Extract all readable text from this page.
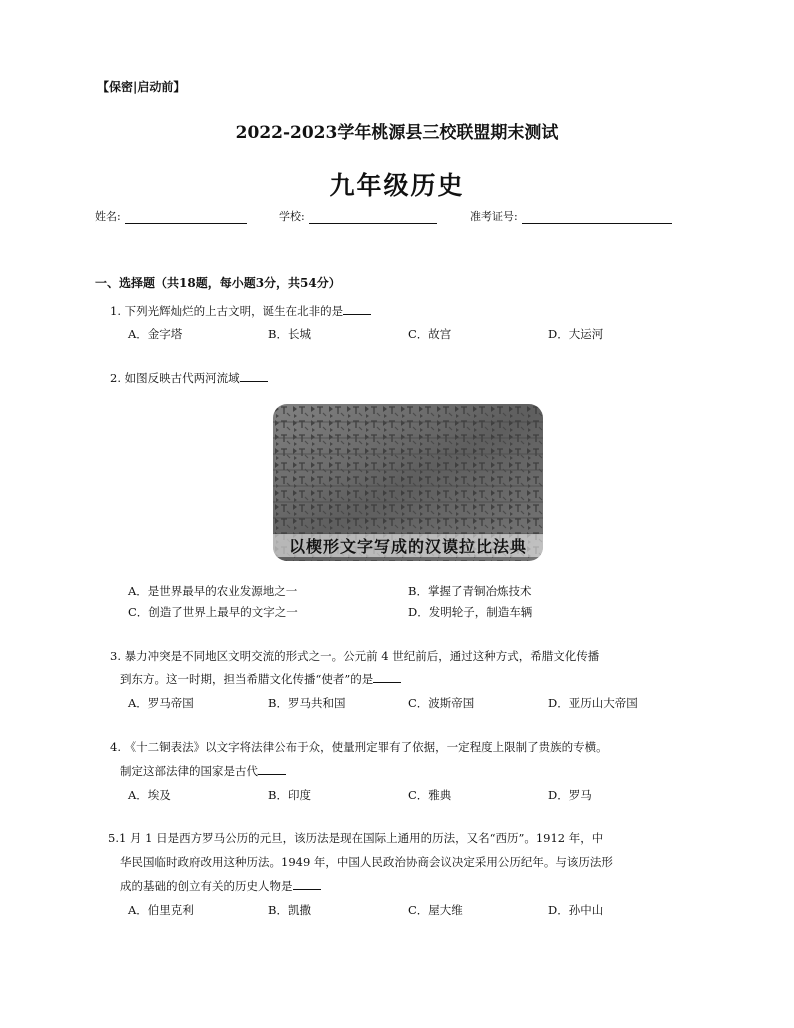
【保密|启动前】
2022-2023学年桃源县三校联盟期末测试
九年级历史
姓名:	学校:	准考证号:
一、选择题（共18题，每小题3分，共54分）
1. 下列光辉灿烂的上古文明，诞生在北非的是
A．金字塔	B．长城	C．故宫	D．大运河
2. 如图反映古代两河流域
以楔形文字写成的汉谟拉比法典
A．是世界最早的农业发源地之一	B．掌握了青铜冶炼技术
C．创造了世界上最早的文字之一	D．发明轮子，制造车辆
3. 暴力冲突是不同地区文明交流的形式之一。公元前 4 世纪前后，通过这种方式，希腊文化传播
到东方。这一时期，担当希腊文化传播“使者”的是
A．罗马帝国	B．罗马共和国	C．波斯帝国	D．亚历山大帝国
4. 《十二铜表法》以文字将法律公布于众，使量刑定罪有了依据，一定程度上限制了贵族的专横。
制定这部法律的国家是古代
A．埃及	B．印度	C．雅典	D．罗马
5.1 月 1 日是西方罗马公历的元旦，该历法是现在国际上通用的历法，又名“西历”。1912 年，中
华民国临时政府改用这种历法。1949 年，中国人民政治协商会议决定采用公历纪年。与该历法形
成的基础的创立有关的历史人物是
A．伯里克利	B．凯撒	C．屋大维	D．孙中山
